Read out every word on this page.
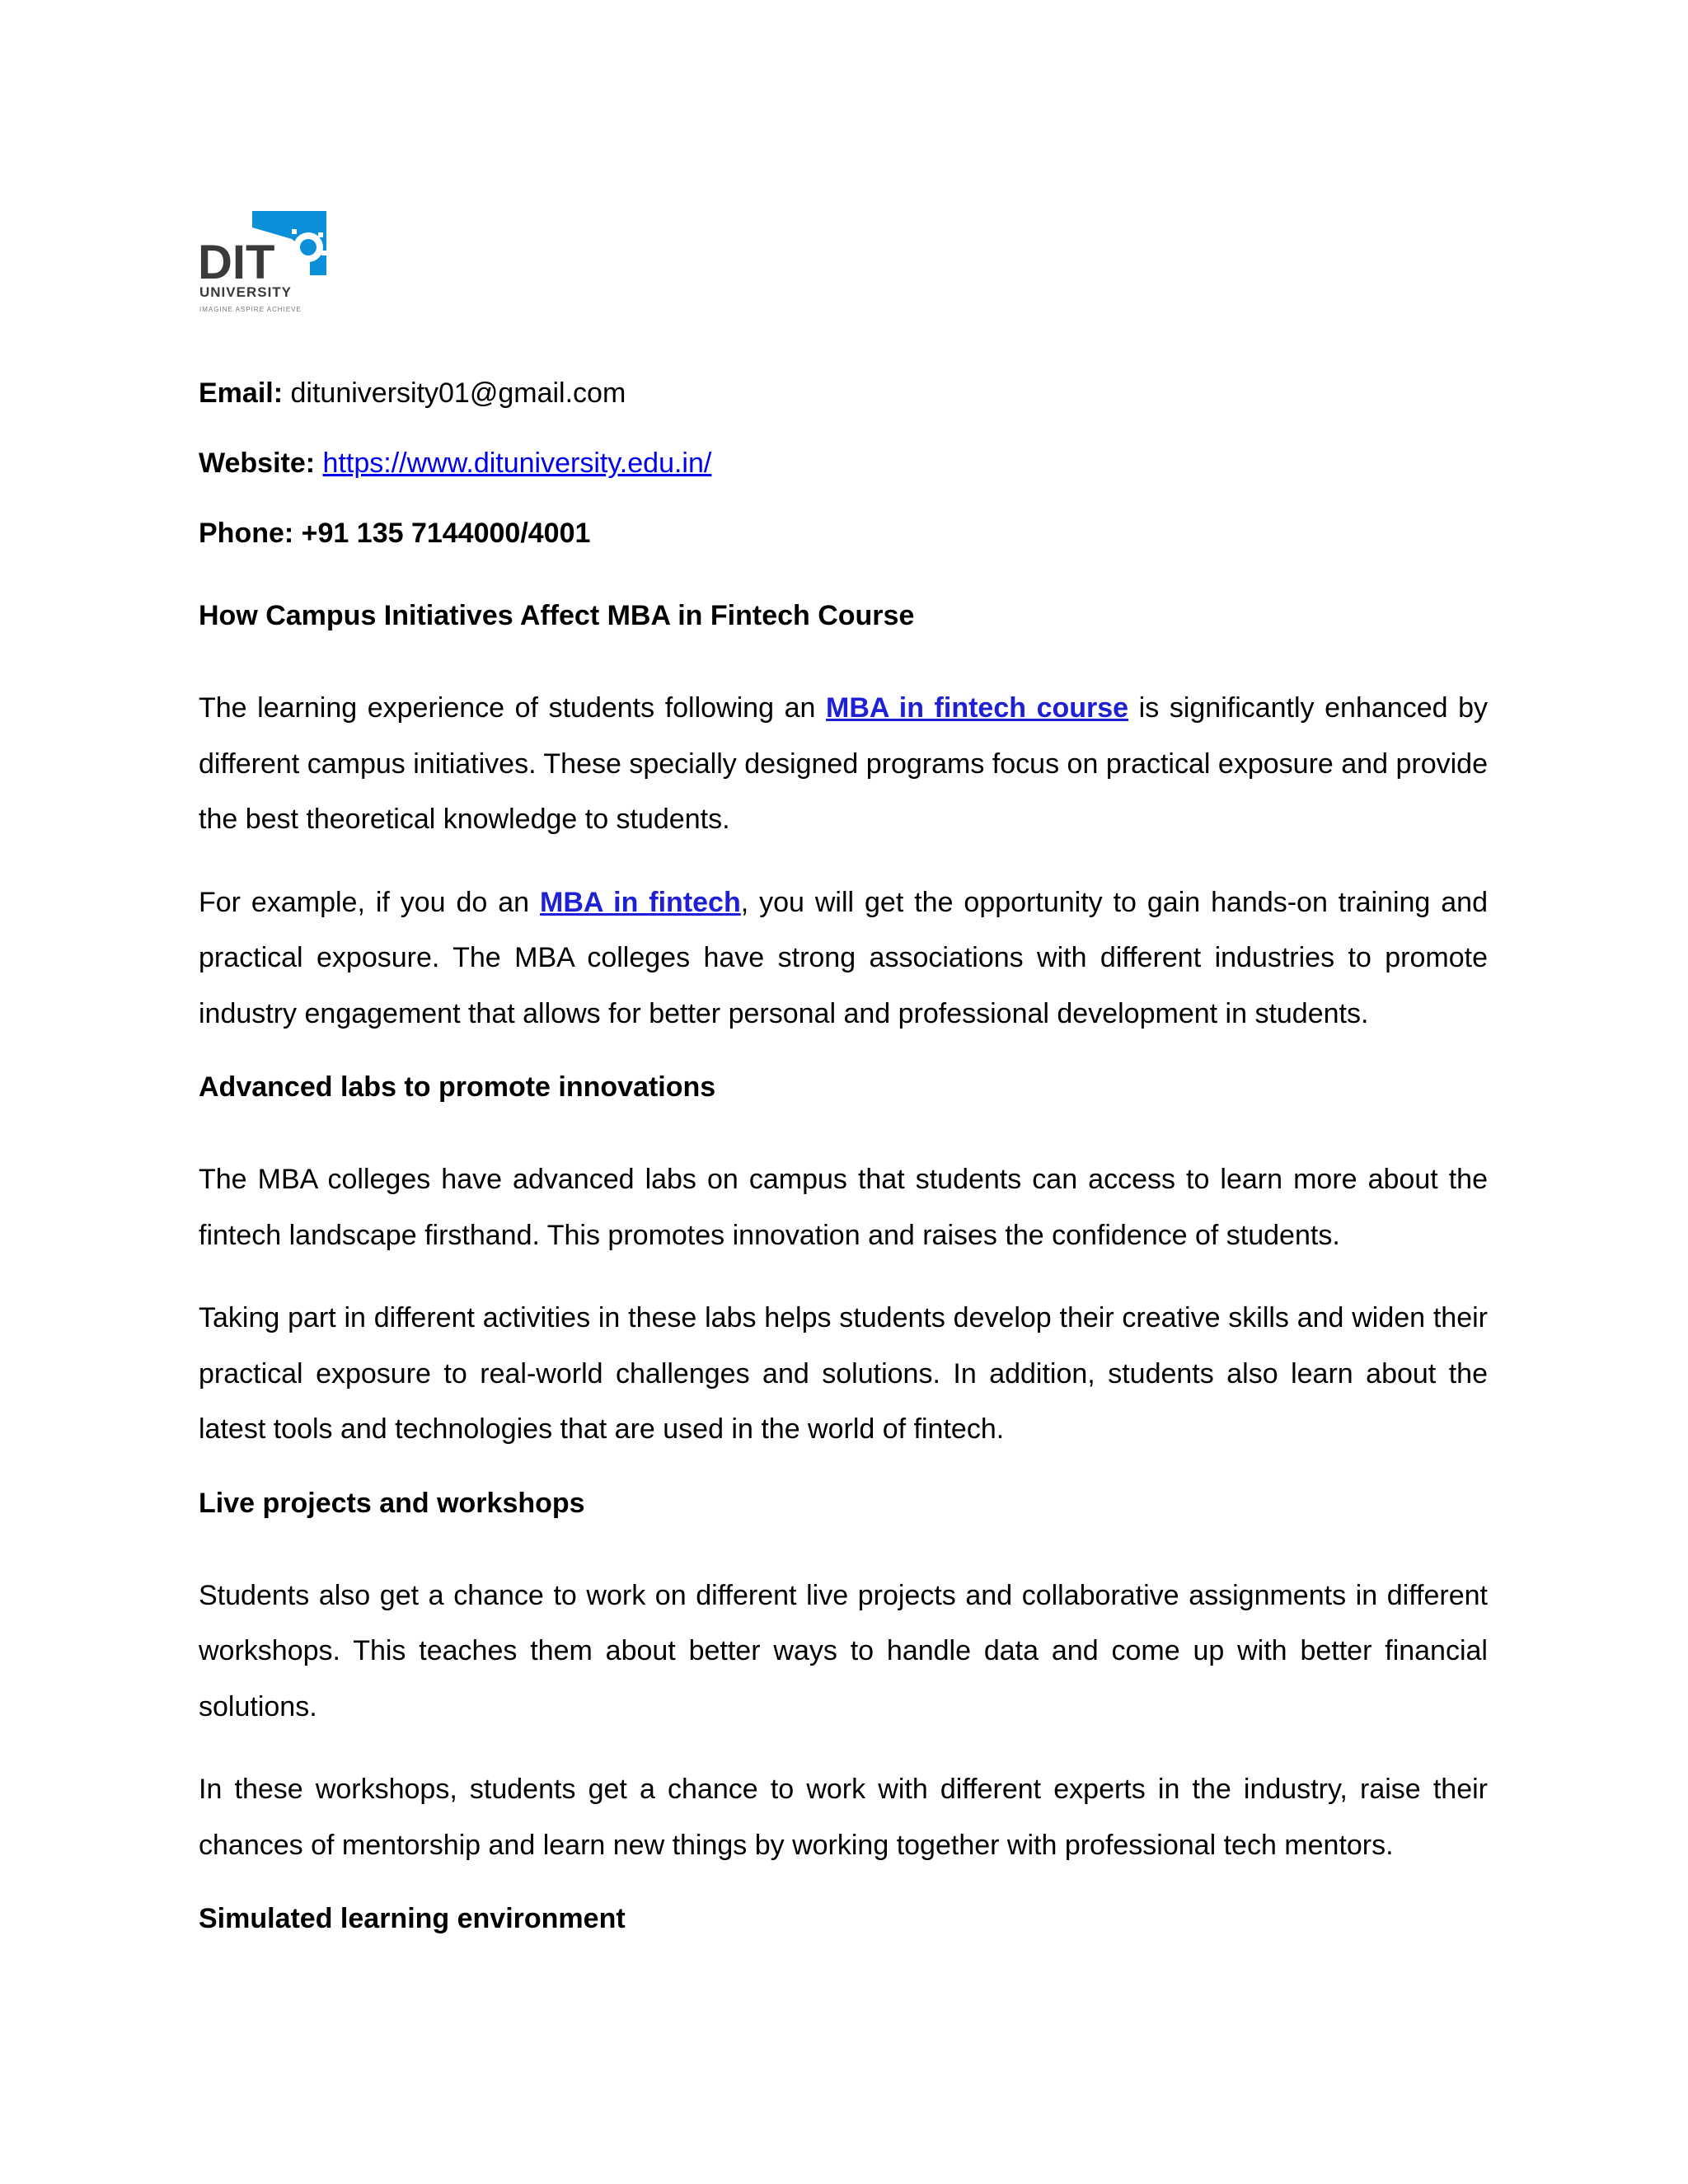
DIT
UNIVERSITY
IMAGINE ASPIRE ACHIEVE
Email: dituniversity01@gmail.com
Website: https://www.dituniversity.edu.in/
Phone: +91 135 7144000/4001
How Campus Initiatives Affect MBA in Fintech Course

The learning experience of students following an MBA in fintech course is significantly enhanced by different campus initiatives. These specially designed programs focus on practical exposure and provide the best theoretical knowledge to students.

For example, if you do an MBA in fintech, you will get the opportunity to gain hands-on training and practical exposure. The MBA colleges have strong associations with different industries to promote industry engagement that allows for better personal and professional development in students.

Advanced labs to promote innovations

The MBA colleges have advanced labs on campus that students can access to learn more about the fintech landscape firsthand. This promotes innovation and raises the confidence of students.

Taking part in different activities in these labs helps students develop their creative skills and widen their practical exposure to real-world challenges and solutions. In addition, students also learn about the latest tools and technologies that are used in the world of fintech.

Live projects and workshops

Students also get a chance to work on different live projects and collaborative assignments in different workshops. This teaches them about better ways to handle data and come up with better financial solutions.

In these workshops, students get a chance to work with different experts in the industry, raise their chances of mentorship and learn new things by working together with professional tech mentors.

Simulated learning environment
